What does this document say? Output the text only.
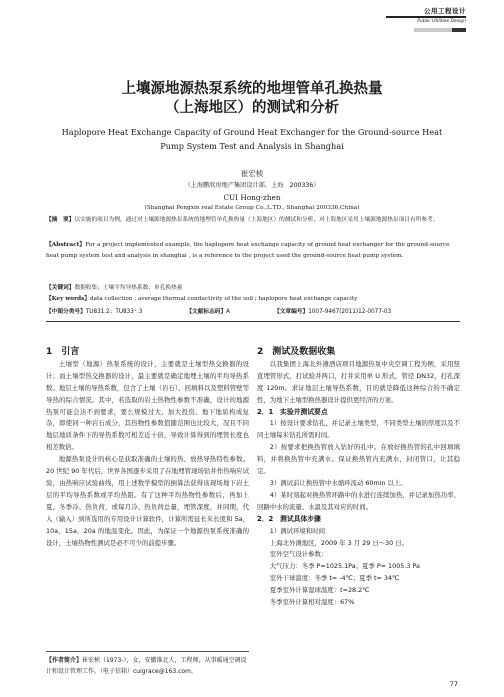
公用工程设计
Public Utilities Design
上壤源地源热泵系统的地埋管单孔换热量
（上海地区）的测试和分析
Haplopore Heat Exchange Capacity of Ground Heat Exchanger for the Ground-source Heat
Pump System Test and Analysis in Shanghai
崔宏桢
（上海鹏欣房地产集团设计部，上海　200336）
CUI Hong-zhen
(Shanghai Pengxin real Estate Group Co.,L.TD., Shanghai 200336,China)
【摘　要】以实施的项目为例，通过对上壤源地源热泵系统的地埋管单孔换热量（上海地区）的测试和分析，对上海地区采用上壤源地源热泵项目有所参考。
【Abstract】For a project implemented example, the haplopore heat exchange capacity of ground heat exchanger for the ground-source heat pump system test and analysis in shanghai , is a reference to the project used the ground-source heat pump system.
【关键词】数据收集；土壤平均导热系数；单孔换热量
【Key words】data collection ; average thermal conductivity of the soil ; haplopore heat exchange capacity
【中图分类号】TU831.2；TU833⁺.3	【文献标志码】A	【文章编号】1007-9467(2011)12-0077-03

1　引言

土壤型（地源）热泵系统的设计，主要就是土壤型热交换器的设计；而土壤型热交换器的设计，最主要就是确定地埋土壤的平均导热系数。地层土壤的导热系数，包含了土壤（岩石）、回填料以及塑料管壁等导热的综合情况。其中，若选取的岩土热物性参数不准确，设计的地源热泵可能会达不到要求，要么规模过大，加大投资。地下地质构成复杂，即使同一种岩石成分，其热物性参数值随范围也比较大，况且不同地层地质条件下的导热系数可相差近十倍，导致计算得到的埋管长度也相差数倍。

地源热泵设计的核心是获取准确的土壤的热、放热导热特性参数。20 世纪 90 年代后，世界各国逐步采用了在地埋管现场钻井作热响应试验，由热响应试验曲线，用上述数学模型的倒算法获得该现场地下岩土层的平均导热系数或平均热阻。有了这种平均热物性参数后，再加上夏、冬季冷、热负荷，或每月冷、热负荷总量，埋管深度，并同期，代入（输入）到所选用的专用设计计算软件，计算所需延长米长度和 5a，10a，15a，20a 的地温变化。因此，为保证一个地源热泵系统准确的设计，土壤热物性测试是必不可少的前提步骤。

【作者简介】崔宏桢（1973-），女，安徽淮北人，工程师，从事暖通空调设计和设计管理工作。（电子信箱）cuigrace@163.com。

2　测试及数据收集

以我集团上海北外滩酒店项目地源热泵中央空调工程为例，采用竖直埋管形式，打试验井两口，打井采用单 U 形式，管径 DN32，打孔深度 120m。求证地层土壤导热系数，目的就是降低这种综合的不确定性，为地下土壤型换热器设计提供更经济的方案。

2．1　实验井测试要点

1）按设计要求钻孔，并记录土壤类型，不同类型土壤的厚度以及不同土壤每米钻孔所需时间。

2）按要求把换热管放入钻好的孔中。在放好换热管的孔中回填填料，并将换热管中充满水。保证换热管内充满水，封闭管口，让其稳定。

3）测试前让换热管中水循环流动 60min 以上。

4）某时刻起对换热管环路中的水进行连续加热，并记录加热功率、回路中水的流量、水温及其对应的时间。

2．2　测试具体步骤

1）测试环境和时间

上海北外滩地区，2009 年 3 月 29 日～30 日。

室外空气设计参数：

大气压力：冬季 P=1025.1Pa；夏季 P= 1005.3 Pa

室外干球温度：冬季 t= -4℃；夏季 t= 34℃

夏季室外计算湿球温度：t=28.2℃

冬季室外计算相对湿度：67%

77
